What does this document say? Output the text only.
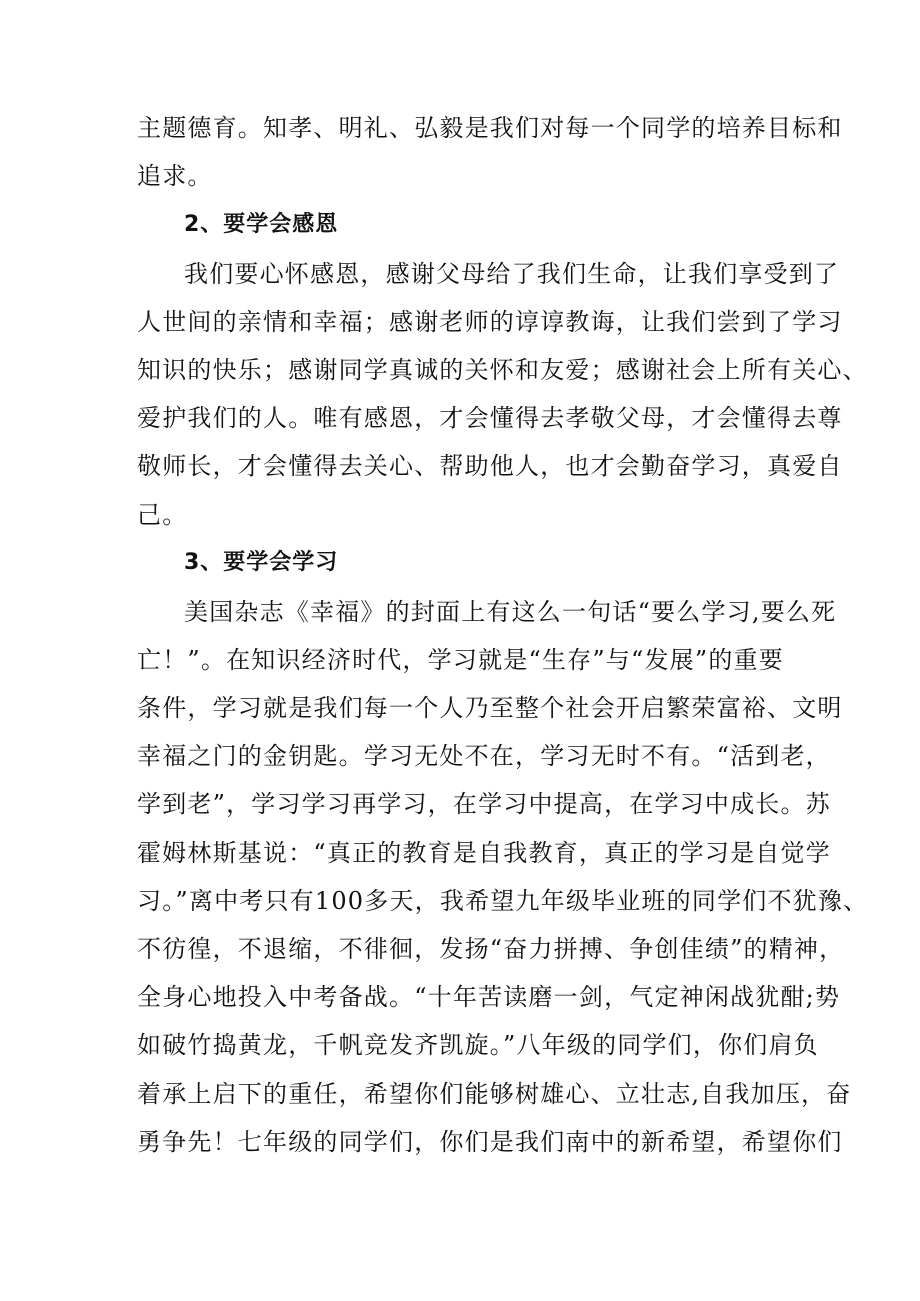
主题德育。知孝、明礼、弘毅是我们对每一个同学的培养目标和
追求。
2、要学会感恩
我们要心怀感恩，感谢父母给了我们生命，让我们享受到了
人世间的亲情和幸福；感谢老师的谆谆教诲，让我们尝到了学习
知识的快乐；感谢同学真诚的关怀和友爱；感谢社会上所有关心、
爱护我们的人。唯有感恩，才会懂得去孝敬父母，才会懂得去尊
敬师长，才会懂得去关心、帮助他人，也才会勤奋学习，真爱自
己。
3、要学会学习
美国杂志《幸福》的封面上有这么一句话“要么学习,要么死
亡！”。在知识经济时代，学习就是“生存”与“发展”的重要
条件，学习就是我们每一个人乃至整个社会开启繁荣富裕、文明
幸福之门的金钥匙。学习无处不在，学习无时不有。“活到老，
学到老”，学习学习再学习，在学习中提高，在学习中成长。苏
霍姆林斯基说：“真正的教育是自我教育，真正的学习是自觉学
习。”离中考只有100多天，我希望九年级毕业班的同学们不犹豫、
不彷徨，不退缩，不徘徊，发扬“奋力拼搏、争创佳绩”的精神，
全身心地投入中考备战。“十年苦读磨一剑，气定神闲战犹酣;势
如破竹捣黄龙，千帆竞发齐凯旋。”八年级的同学们，你们肩负
着承上启下的重任，希望你们能够树雄心、立壮志,自我加压，奋
勇争先！七年级的同学们，你们是我们南中的新希望，希望你们
